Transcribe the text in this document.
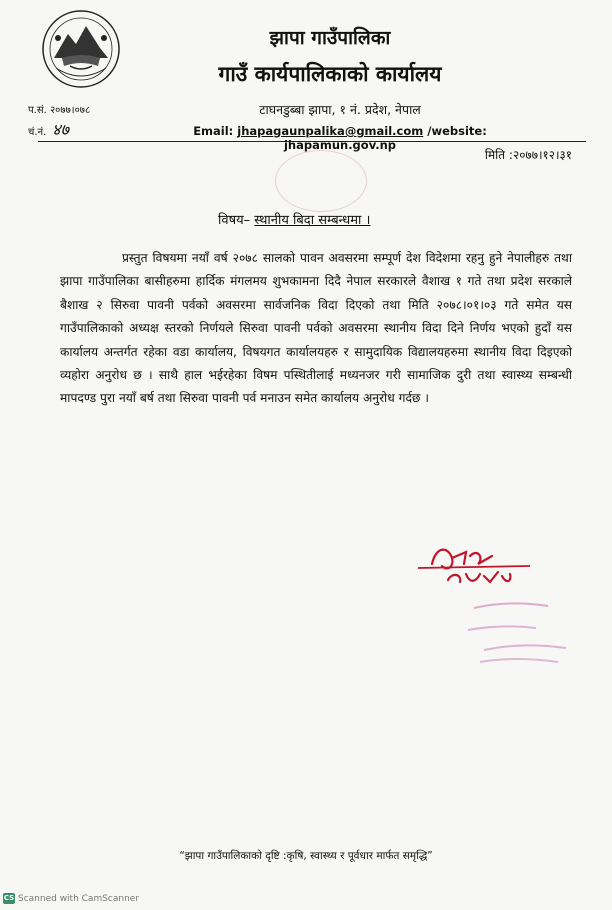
झापा गाउँपालिका
गाउँ कार्यपालिकाको कार्यालय
टाघनडुब्बा झापा, १ नं. प्रदेश, नेपाल
Email: jhapagaunpalika@gmail.com /website: jhapamun.gov.np
प.सं. २०७७।०७८
चं.नं. ४७
मिति :२०७७।१२।३१
विषय– स्थानीय बिदा सम्बन्धमा ।
प्रस्तुत विषयमा नयाँ वर्ष २०७८ सालको पावन अवसरमा सम्पूर्ण देश विदेशमा रहनु हुने नेपालीहरु तथा झापा गाउँपालिका बासीहरुमा हार्दिक मंगलमय शुभकामना दिदै नेपाल सरकारले वैशाख १ गते तथा प्रदेश सरकाले बैशाख २ सिरुवा पावनी पर्वको अवसरमा सार्वजनिक विदा दिएको तथा मिति २०७८।०१।०३ गते समेत यस गाउँपालिकाको अध्यक्ष स्तरको निर्णयले सिरुवा पावनी पर्वको अवसरमा स्थानीय विदा दिने निर्णय भएको हुदाँ यस कार्यालय अन्तर्गत रहेका वडा कार्यालय, विषयगत कार्यालयहरु र सामुदायिक विद्यालयहरुमा स्थानीय विदा दिइएको व्यहोरा अनुरोध छ । साथै हाल भईरहेका विषम पस्थितीलाई मध्यनजर गरी सामाजिक दुरी तथा स्वास्थ्य सम्बन्धी मापदण्ड पुरा नयाँ बर्ष तथा सिरुवा पावनी पर्व मनाउन समेत कार्यालय अनुरोध गर्दछ ।
“झापा गाउँपालिकाको दृष्टि :कृषि, स्वास्थ्य र पूर्वधार मार्फत समृद्धि”
CS Scanned with CamScanner
